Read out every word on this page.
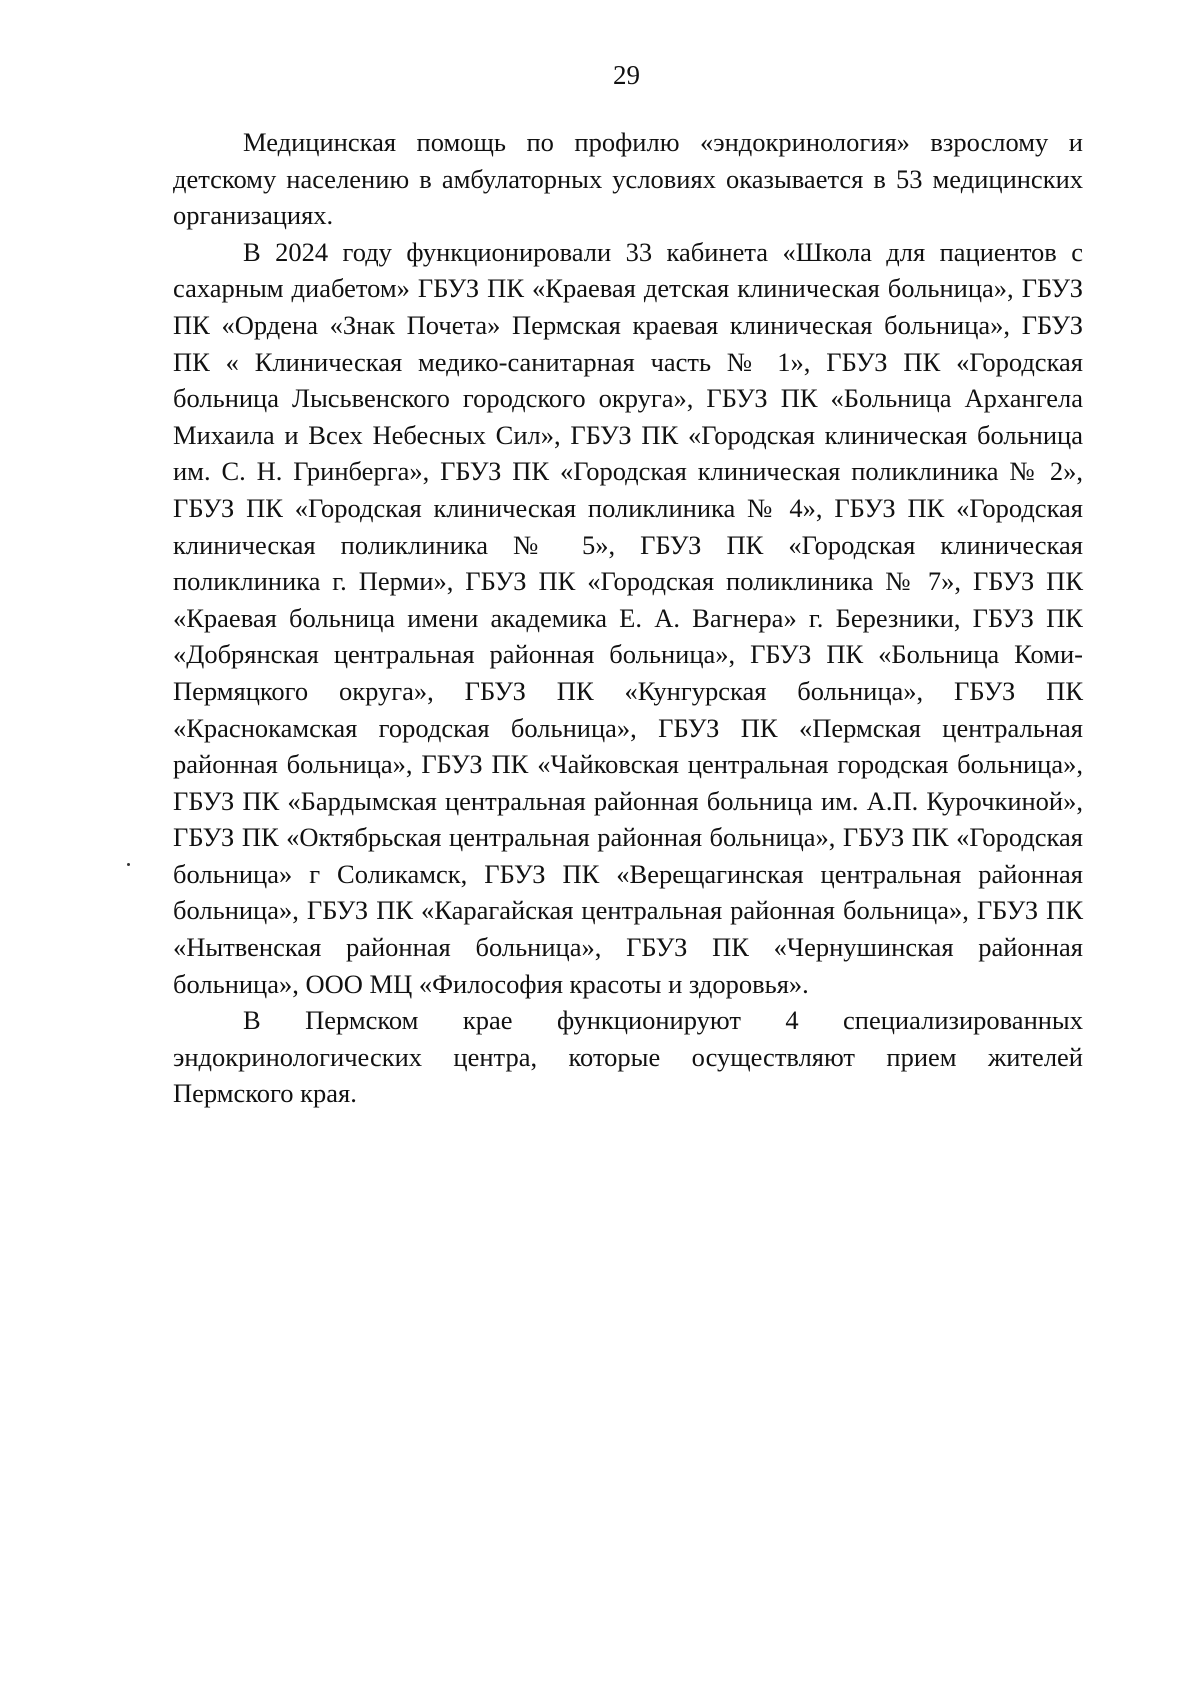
29

Медицинская помощь по профилю «эндокринология» взрослому и детскому населению в амбулаторных условиях оказывается в 53 медицинских организациях.

В 2024 году функционировали 33 кабинета «Школа для пациентов с сахарным диабетом» ГБУЗ ПК «Краевая детская клиническая больница», ГБУЗ ПК «Ордена «Знак Почета» Пермская краевая клиническая больница», ГБУЗ ПК « Клиническая медико-санитарная часть № 1», ГБУЗ ПК «Городская больница Лысьвенского городского округа», ГБУЗ ПК «Больница Архангела Михаила и Всех Небесных Сил», ГБУЗ ПК «Городская клиническая больница им. С. Н. Гринберга», ГБУЗ ПК «Городская клиническая поликлиника № 2», ГБУЗ ПК «Городская клиническая поликлиника № 4», ГБУЗ ПК «Городская клиническая поликлиника № 5», ГБУЗ ПК «Городская клиническая поликлиника г. Перми», ГБУЗ ПК «Городская поликлиника № 7», ГБУЗ ПК «Краевая больница имени академика Е. А. Вагнера» г. Березники, ГБУЗ ПК «Добрянская центральная районная больница», ГБУЗ ПК «Больница Коми-Пермяцкого округа», ГБУЗ ПК «Кунгурская больница», ГБУЗ ПК «Краснокамская городская больница», ГБУЗ ПК «Пермская центральная районная больница», ГБУЗ ПК «Чайковская центральная городская больница», ГБУЗ ПК «Бардымская центральная районная больница им. А.П. Курочкиной», ГБУЗ ПК «Октябрьская центральная районная больница», ГБУЗ ПК «Городская больница» г Соликамск, ГБУЗ ПК «Верещагинская центральная районная больница», ГБУЗ ПК «Карагайская центральная районная больница», ГБУЗ ПК «Нытвенская районная больница», ГБУЗ ПК «Чернушинская районная больница», ООО МЦ «Философия красоты и здоровья».

В Пермском крае функционируют 4 специализированных эндокринологических центра, которые осуществляют прием жителей Пермского края.
